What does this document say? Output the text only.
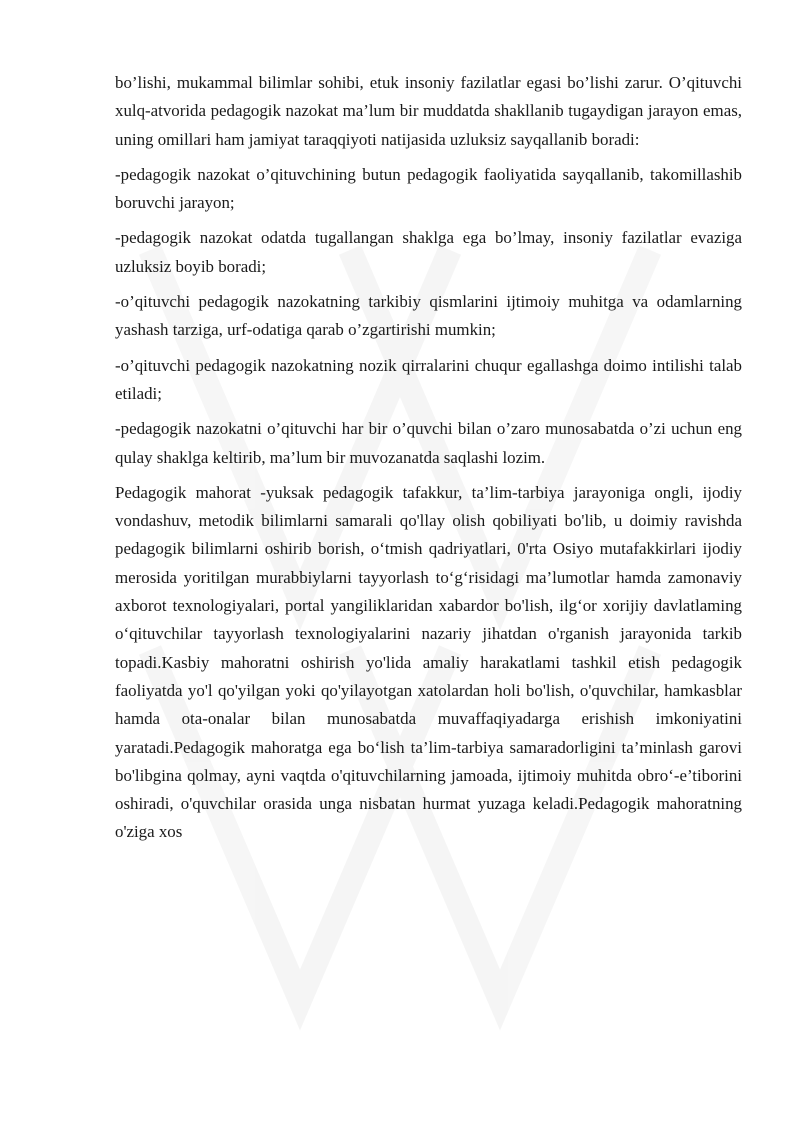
bo’lishi, mukammal bilimlar sohibi, etuk insoniy fazilatlar egasi bo’lishi zarur. O’qituvchi xulq-atvorida pedagogik nazokat ma’lum bir muddatda shakllanib tugaydigan jarayon emas, uning omillari ham jamiyat taraqqiyoti natijasida uzluksiz sayqallanib boradi:

-pedagogik nazokat o’qituvchining butun pedagogik faoliyatida sayqallanib, takomillashib boruvchi jarayon;

-pedagogik nazokat odatda tugallangan shaklga ega bo’lmay, insoniy fazilatlar evaziga uzluksiz boyib boradi;

-o’qituvchi pedagogik nazokatning tarkibiy qismlarini ijtimoiy muhitga va odamlarning yashash tarziga, urf-odatiga qarab o’zgartirishi mumkin;

-o’qituvchi pedagogik nazokatning nozik qirralarini chuqur egallashga doimo intilishi talab etiladi;

-pedagogik nazokatni o’qituvchi har bir o’quvchi bilan o’zaro munosabatda o’zi uchun eng qulay shaklga keltirib, ma’lum bir muvozanatda saqlashi lozim.

Pedagogik mahorat -yuksak pedagogik tafakkur, ta’lim-tarbiya jarayoniga ongli, ijodiy vondashuv, metodik bilimlarni samarali qo'llay olish qobiliyati bo'lib, u doimiy ravishda pedagogik bilimlarni oshirib borish, o‘tmish qadriyatlari, 0'rta Osiyo mutafakkirlari ijodiy merosida yoritilgan murabbiylarni tayyorlash to‘g‘risidagi ma’lumotlar hamda zamonaviy axborot texnologiyalari, portal yangiliklaridan xabardor bo'lish, ilg‘or xorijiy davlatlaming o‘qituvchilar tayyorlash texnologiyalarini nazariy jihatdan o'rganish jarayonida tarkib topadi.Kasbiy mahoratni oshirish yo'lida amaliy harakatlami tashkil etish pedagogik faoliyatda yo'l qo'yilgan yoki qo'yilayotgan xatolardan holi bo'lish, o'quvchilar, hamkasblar hamda ota-onalar bilan munosabatda muvaffaqiyadarga erishish imkoniyatini yaratadi.Pedagogik mahoratga ega bo‘lish ta’lim-tarbiya samaradorligini ta’minlash garovi bo'libgina qolmay, ayni vaqtda o'qituvchilarning jamoada, ijtimoiy muhitda obro‘-e’tiborini oshiradi, o'quvchilar orasida unga nisbatan hurmat yuzaga keladi.Pedagogik mahoratning o'ziga xos
